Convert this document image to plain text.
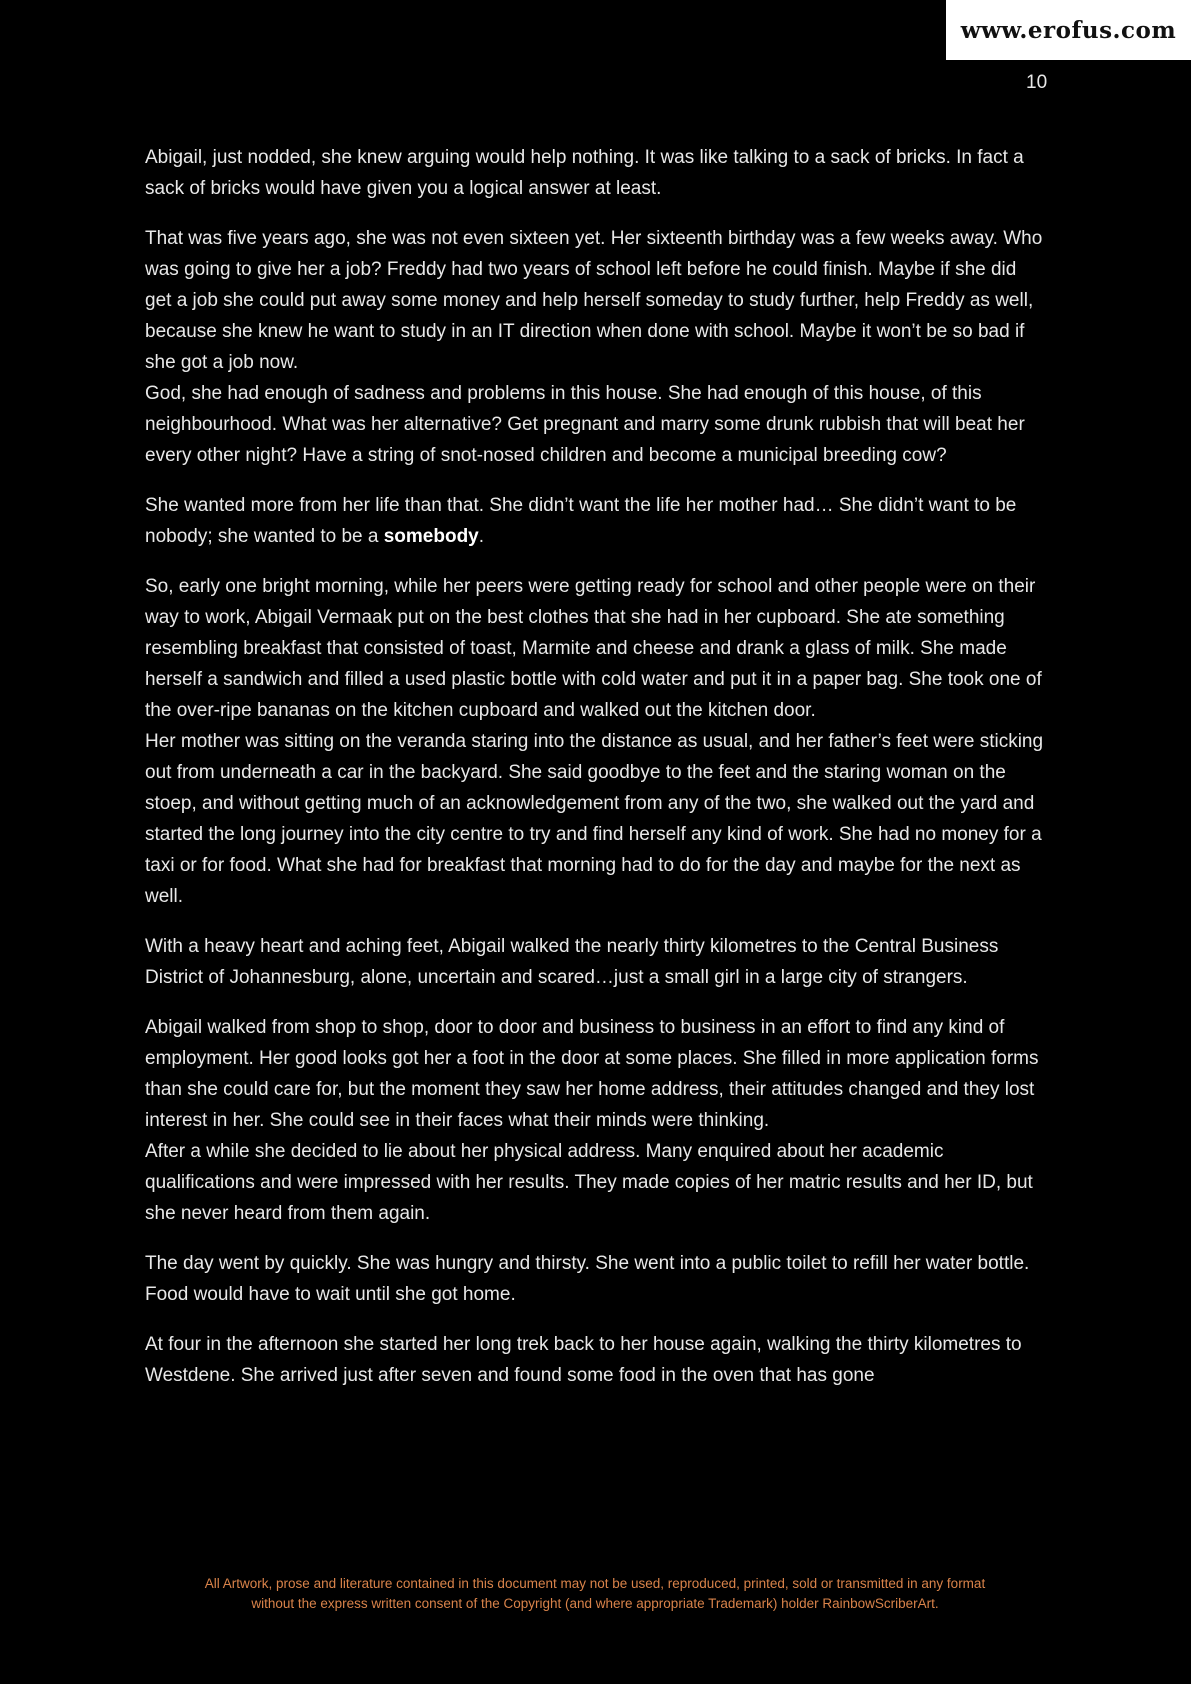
www.erofus.com
10

Abigail, just nodded, she knew arguing would help nothing. It was like talking to a sack of bricks. In fact a sack of bricks would have given you a logical answer at least.

That was five years ago, she was not even sixteen yet. Her sixteenth birthday was a few weeks away. Who was going to give her a job? Freddy had two years of school left before he could finish. Maybe if she did get a job she could put away some money and help herself someday to study further, help Freddy as well, because she knew he want to study in an IT direction when done with school. Maybe it won’t be so bad if she got a job now.

God, she had enough of sadness and problems in this house. She had enough of this house, of this neighbourhood. What was her alternative? Get pregnant and marry some drunk rubbish that will beat her every other night? Have a string of snot-nosed children and become a municipal breeding cow?

She wanted more from her life than that. She didn’t want the life her mother had… She didn’t want to be nobody; she wanted to be a somebody.

So, early one bright morning, while her peers were getting ready for school and other people were on their way to work, Abigail Vermaak put on the best clothes that she had in her cupboard. She ate something resembling breakfast that consisted of toast, Marmite and cheese and drank a glass of milk. She made herself a sandwich and filled a used plastic bottle with cold water and put it in a paper bag. She took one of the over-ripe bananas on the kitchen cupboard and walked out the kitchen door.

Her mother was sitting on the veranda staring into the distance as usual, and her father’s feet were sticking out from underneath a car in the backyard. She said goodbye to the feet and the staring woman on the stoep, and without getting much of an acknowledgement from any of the two, she walked out the yard and started the long journey into the city centre to try and find herself any kind of work. She had no money for a taxi or for food. What she had for breakfast that morning had to do for the day and maybe for the next as well.

With a heavy heart and aching feet, Abigail walked the nearly thirty kilometres to the Central Business District of Johannesburg, alone, uncertain and scared…just a small girl in a large city of strangers.

Abigail walked from shop to shop, door to door and business to business in an effort to find any kind of employment. Her good looks got her a foot in the door at some places. She filled in more application forms than she could care for, but the moment they saw her home address, their attitudes changed and they lost interest in her. She could see in their faces what their minds were thinking.

After a while she decided to lie about her physical address. Many enquired about her academic qualifications and were impressed with her results. They made copies of her matric results and her ID, but she never heard from them again.

The day went by quickly. She was hungry and thirsty. She went into a public toilet to refill her water bottle. Food would have to wait until she got home.

At four in the afternoon she started her long trek back to her house again, walking the thirty kilometres to Westdene. She arrived just after seven and found some food in the oven that has gone

All Artwork, prose and literature contained in this document may not be used, reproduced, printed, sold or transmitted in any format
without the express written consent of the Copyright (and where appropriate Trademark) holder RainbowScriberArt.
